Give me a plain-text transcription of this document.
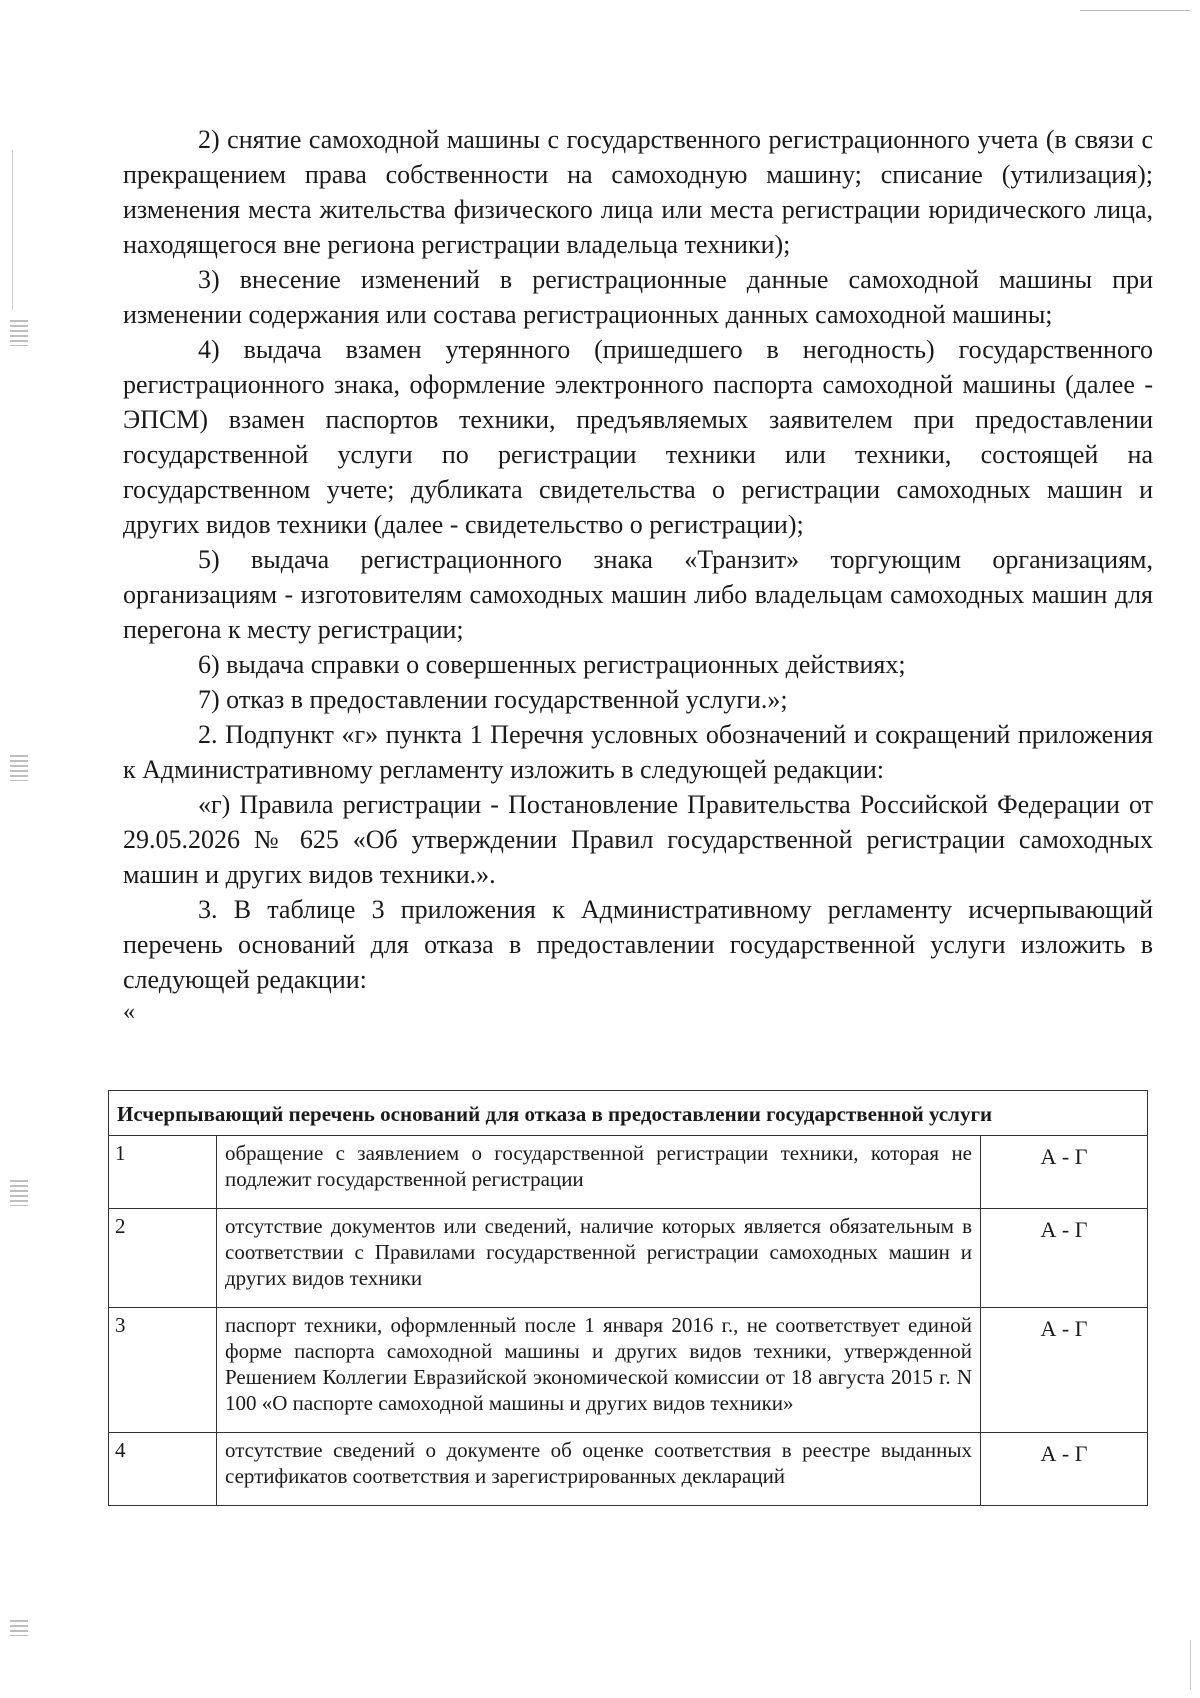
2) снятие самоходной машины с государственного регистрационного учета (в связи с прекращением права собственности на самоходную машину; списание (утилизация); изменения места жительства физического лица или места регистрации юридического лица, находящегося вне региона регистрации владельца техники);

3) внесение изменений в регистрационные данные самоходной машины при изменении содержания или состава регистрационных данных самоходной машины;

4) выдача взамен утерянного (пришедшего в негодность) государственного регистрационного знака, оформление электронного паспорта самоходной машины (далее - ЭПСМ) взамен паспортов техники, предъявляемых заявителем при предоставлении государственной услуги по регистрации техники или техники, состоящей на государственном учете; дубликата свидетельства о регистрации самоходных машин и других видов техники (далее - свидетельство о регистрации);

5) выдача регистрационного знака «Транзит» торгующим организациям, организациям - изготовителям самоходных машин либо владельцам самоходных машин для перегона к месту регистрации;

6) выдача справки о совершенных регистрационных действиях;

7) отказ в предоставлении государственной услуги.»;

2. Подпункт «г» пункта 1 Перечня условных обозначений и сокращений приложения к Административному регламенту изложить в следующей редакции:

«г) Правила регистрации - Постановление Правительства Российской Федерации от 29.05.2026 № 625 «Об утверждении Правил государственной регистрации самоходных машин и других видов техники.».

3. В таблице 3 приложения к Административному регламенту исчерпывающий перечень оснований для отказа в предоставлении государственной услуги изложить в следующей редакции:

«

Исчерпывающий перечень оснований для отказа в предоставлении государственной услуги		
1	обращение с заявлением о государственной регистрации техники, которая не подлежит государственной регистрации	А - Г
2	отсутствие документов или сведений, наличие которых является обязательным в соответствии с Правилами государственной регистрации самоходных машин и других видов техники	А - Г
3	паспорт техники, оформленный после 1 января 2016 г., не соответствует единой форме паспорта самоходной машины и других видов техники, утвержденной Решением Коллегии Евразийской экономической комиссии от 18 августа 2015 г. N 100 «О паспорте самоходной машины и других видов техники»	А - Г
4	отсутствие сведений о документе об оценке соответствия в реестре выданных сертификатов соответствия и зарегистрированных деклараций	А - Г
